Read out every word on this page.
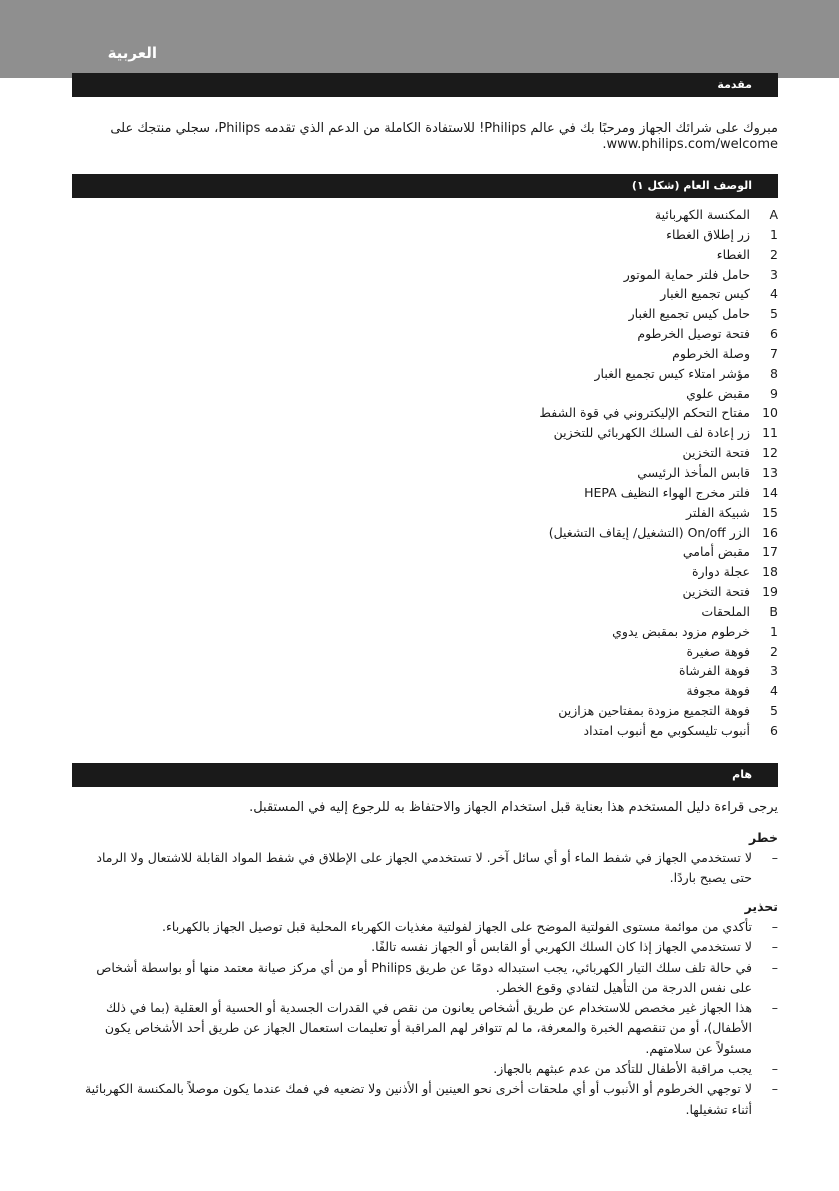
العربية
مقدمة

مبروك على شرائك الجهاز ومرحبًا بك في عالم Philips! للاستفادة الكاملة من الدعم الذي تقدمه Philips، سجلي منتجك على

www.philips.com/welcome.

الوصف العام (شكل ١)
A
المكنسة الكهربائية
1
زر إطلاق الغطاء
2
الغطاء
3
حامل فلتر حماية الموتور
4
كيس تجميع الغبار
5
حامل كيس تجميع الغبار
6
فتحة توصيل الخرطوم
7
وصلة الخرطوم
8
مؤشر امتلاء كيس تجميع الغبار
9
مقبض علوي
10
مفتاح التحكم الإليكتروني في قوة الشفط
11
زر إعادة لف السلك الكهربائي للتخزين
12
فتحة التخزين
13
قابس المأخذ الرئيسي
14
فلتر مخرج الهواء النظيف HEPA
15
شبيكة الفلتر
16
الزر On/off (التشغيل/ إيقاف التشغيل)
17
مقبض أمامي
18
عجلة دوارة
19
فتحة التخزين
B
الملحقات
1
خرطوم مزود بمقبض يدوي
2
فوهة صغيرة
3
فوهة الفرشاة
4
فوهة مجوفة
5
فوهة التجميع مزودة بمفتاحين هزازين
6
أنبوب تليسكوبي مع أنبوب امتداد
هام

يرجى قراءة دليل المستخدم هذا بعناية قبل استخدام الجهاز والاحتفاظ به للرجوع إليه في المستقبل.

خطر

–
لا تستخدمي الجهاز في شفط الماء أو أي سائل آخر. لا تستخدمي الجهاز على الإطلاق في شفط المواد القابلة للاشتعال ولا الرماد حتى يصبح باردًا.

تحذير

–
تأكدي من موائمة مستوى الفولتية الموضح على الجهاز لفولتية مغذيات الكهرباء المحلية قبل توصيل الجهاز بالكهرباء.
–
لا تستخدمي الجهاز إذا كان السلك الكهربي أو القابس أو الجهاز نفسه تالفًا.
–
في حالة تلف سلك التيار الكهربائي، يجب استبداله دومًا عن طريق Philips أو من أي مركز صيانة معتمد منها أو بواسطة أشخاص على نفس الدرجة من التأهيل لتفادي وقوع الخطر.
–
هذا الجهاز غير مخصص للاستخدام عن طريق أشخاص يعانون من نقص في القدرات الجسدية أو الحسية أو العقلية (بما في ذلك الأطفال)، أو من تنقصهم الخبرة والمعرفة، ما لم تتوافر لهم المراقبة أو تعليمات استعمال الجهاز عن طريق أحد الأشخاص يكون مسئولاً عن سلامتهم.
–
يجب مراقبة الأطفال للتأكد من عدم عبثهم بالجهاز.
–
لا توجهي الخرطوم أو الأنبوب أو أي ملحقات أخرى نحو العينين أو الأذنين ولا تضعيه في فمك عندما يكون موصلاً بالمكنسة الكهربائية أثناء تشغيلها.
